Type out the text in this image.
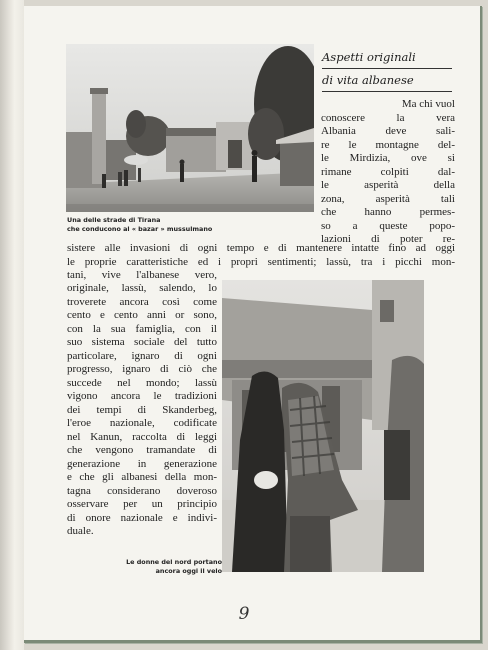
Una delle strade di Tirana
che conducono al « bazar » mussulmano
Aspetti originali
di vita albanese
Ma chi vuol
conoscere la vera
Albania deve sali-
re le montagne del-
le Mirdizia, ove si
rimane colpiti dal-
le asperità della
zona, asperità tali
che hanno permes-
so a queste popo-
lazioni di poter re-
sistere alle invasioni di ogni tempo e di mantenere intatte fino ad oggi
le proprie caratteristiche ed i propri sentimenti; lassù, tra i picchi mon-
tani, vive l'albanese vero,
originale, lassù, salendo, lo
troverete ancora così come
cento e cento anni or sono,
con la sua famiglia, con il
suo sistema sociale del tutto
particolare, ignaro di ogni
progresso, ignaro di ciò che
succede nel mondo; lassù
vigono ancora le tradizioni
dei tempi di Skanderbeg,
l'eroe nazionale, codificate
nel Kanun, raccolta di leggi
che vengono tramandate di
generazione in generazione
e che gli albanesi della mon-
tagna considerano doveroso
osservare per un principio
di onore nazionale e indivi-
duale.
Le donne del nord portano
ancora oggi il velo
9
